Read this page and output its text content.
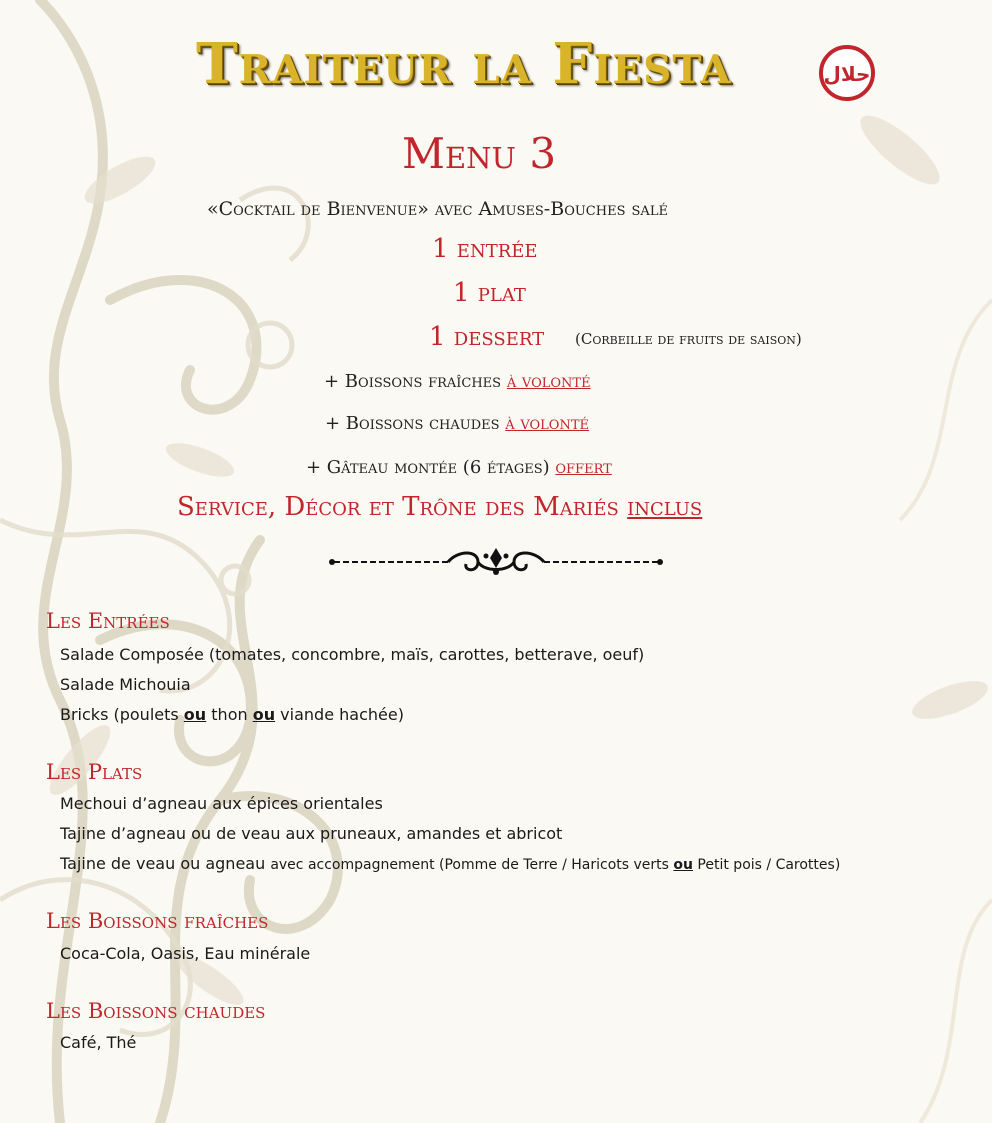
Traiteur la Fiesta	حلال
Menu 3
«Cocktail de Bienvenue» avec Amuses-Bouches salé
1 entrée
1 plat
1 dessert (Corbeille de fruits de saison)
+ Boissons fraîches à volonté
+ Boissons chaudes à volonté
+ Gâteau montée (6 étages) offert
Service, Décor et Trône des Mariés inclus
Les Entrées
Salade Composée (tomates, concombre, maïs, carottes, betterave, oeuf)
Salade Michouia
Bricks (poulets ou thon ou viande hachée)
Les Plats
Mechoui d’agneau aux épices orientales
Tajine d’agneau ou de veau aux pruneaux, amandes et abricot
Tajine de veau ou agneau avec accompagnement (Pomme de Terre / Haricots verts ou Petit pois / Carottes)
Les Boissons fraîches
Coca-Cola, Oasis, Eau minérale
Les Boissons chaudes
Café, Thé
